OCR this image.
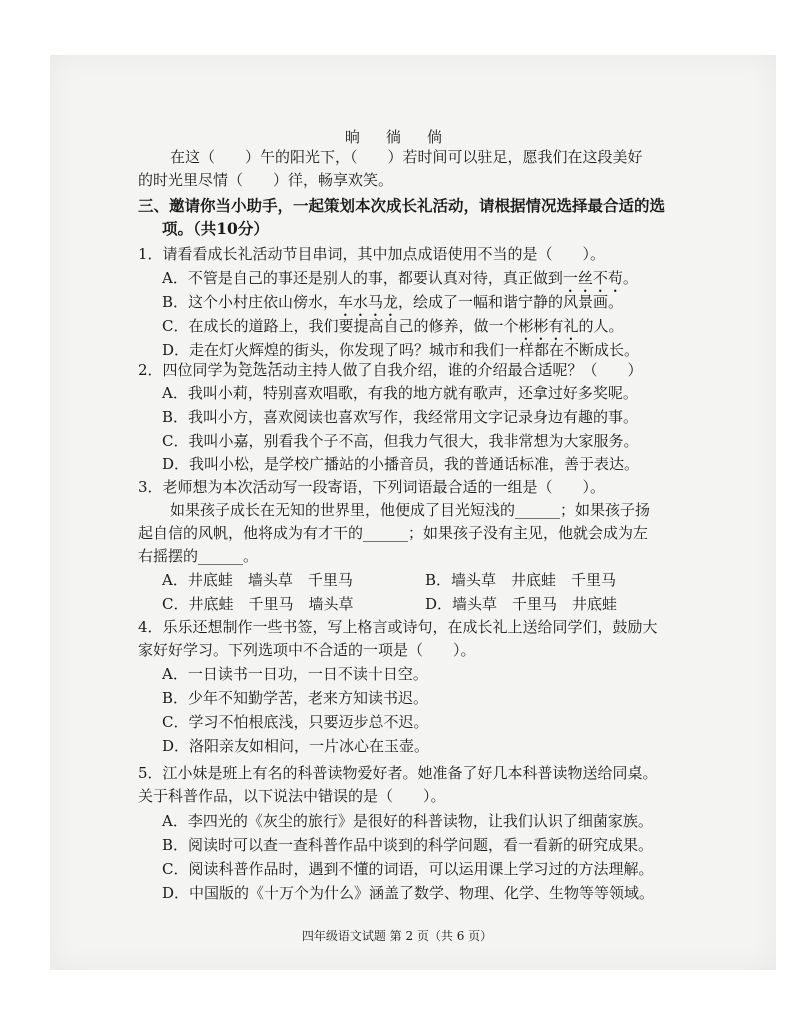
晌 徜 倘
在这（　　）午的阳光下，（　　）若时间可以驻足，愿我们在这段美好
的时光里尽情（　　）徉，畅享欢笑。
三、邀请你当小助手，一起策划本次成长礼活动，请根据情况选择最合适的选
项。（共10分）
1．请看看成长礼活动节目串词，其中加点成语使用不当的是（　　）。
A．不管是自己的事还是别人的事，都要认真对待，真正做到一丝不苟。
B．这个小村庄依山傍水，车水马龙，绘成了一幅和谐宁静的风景画。
C．在成长的道路上，我们要提高自己的修养，做一个彬彬有礼的人。
D．走在灯火辉煌的街头，你发现了吗？城市和我们一样都在不断成长。
2．四位同学为竞选活动主持人做了自我介绍，谁的介绍最合适呢？（　　）
A．我叫小莉，特别喜欢唱歌，有我的地方就有歌声，还拿过好多奖呢。
B．我叫小方，喜欢阅读也喜欢写作，我经常用文字记录身边有趣的事。
C．我叫小嘉，别看我个子不高，但我力气很大，我非常想为大家服务。
D．我叫小松，是学校广播站的小播音员，我的普通话标准，善于表达。
3．老师想为本次活动写一段寄语，下列词语最合适的一组是（　　）。
如果孩子成长在无知的世界里，他便成了目光短浅的______；如果孩子扬
起自信的风帆，他将成为有才干的______；如果孩子没有主见，他就会成为左
右摇摆的______。
A．井底蛙　墙头草　千里马	B．墙头草　井底蛙　千里马
C．井底蛙　千里马　墙头草	D．墙头草　千里马　井底蛙
4．乐乐还想制作一些书签，写上格言或诗句，在成长礼上送给同学们，鼓励大
家好好学习。下列选项中不合适的一项是（　　）。
A．一日读书一日功，一日不读十日空。
B．少年不知勤学苦，老来方知读书迟。
C．学习不怕根底浅，只要迈步总不迟。
D．洛阳亲友如相问，一片冰心在玉壶。
5．江小妹是班上有名的科普读物爱好者。她准备了好几本科普读物送给同桌。
关于科普作品，以下说法中错误的是（　　）。
A．李四光的《灰尘的旅行》是很好的科普读物，让我们认识了细菌家族。
B．阅读时可以查一查科普作品中谈到的科学问题，看一看新的研究成果。
C．阅读科普作品时，遇到不懂的词语，可以运用课上学习过的方法理解。
D．中国版的《十万个为什么》涵盖了数学、物理、化学、生物等等领域。
四年级语文试题 第 2 页（共 6 页）
